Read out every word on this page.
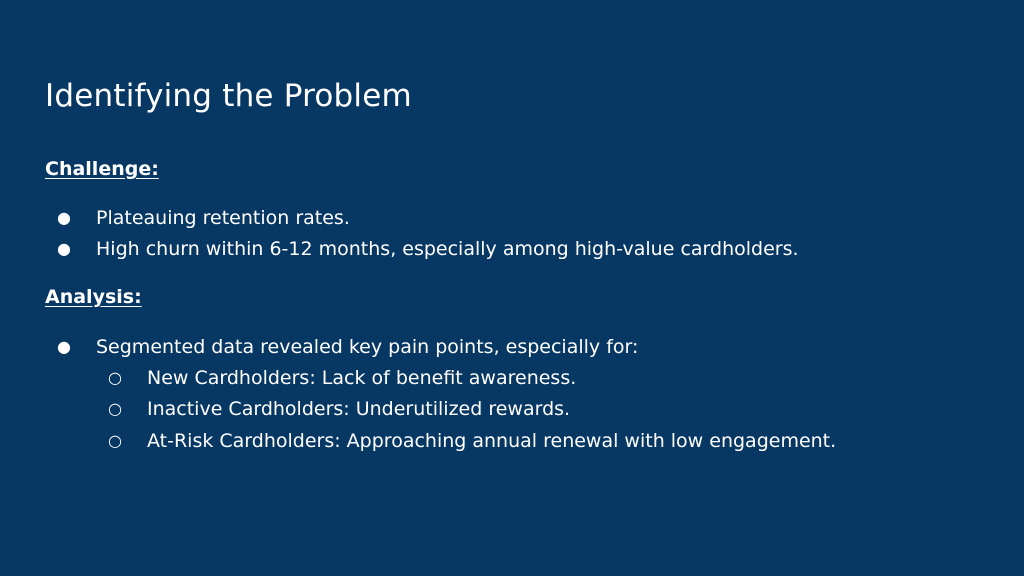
Identifying the Problem
Challenge:
● Plateauing retention rates.
● High churn within 6-12 months, especially among high-value cardholders.
Analysis:
● Segmented data revealed key pain points, especially for:
○ New Cardholders: Lack of benefit awareness.
○ Inactive Cardholders: Underutilized rewards.
○ At-Risk Cardholders: Approaching annual renewal with low engagement.
